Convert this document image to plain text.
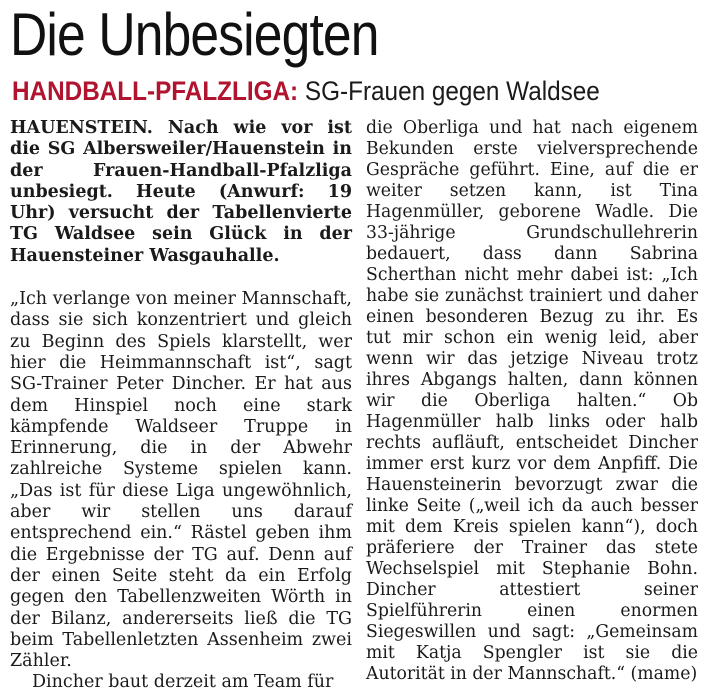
Die Unbesiegten
HANDBALL-PFALZLIGA: SG-Frauen gegen Waldsee

HAUENSTEIN. Nach wie vor ist die SG Albersweiler/Hauenstein in der Frauen-Handball-Pfalzliga unbesiegt. Heute (Anwurf: 19 Uhr) versucht der Tabellenvierte TG Waldsee sein Glück in der Hauensteiner Wasgauhalle.

„Ich verlange von meiner Mannschaft, dass sie sich konzentriert und gleich zu Beginn des Spiels klarstellt, wer hier die Heimmannschaft ist“, sagt SG-Trainer Peter Dincher. Er hat aus dem Hinspiel noch eine stark kämpfende Waldseer Truppe in Erinnerung, die in der Abwehr zahlreiche Systeme spielen kann. „Das ist für diese Liga ungewöhnlich, aber wir stellen uns darauf entsprechend ein.“ Rästel geben ihm die Ergebnisse der TG auf. Denn auf der einen Seite steht da ein Erfolg gegen den Tabellenzweiten Wörth in der Bilanz, andererseits ließ die TG beim Tabellenletzten Assenheim zwei Zähler.

Dincher baut derzeit am Team für

die Oberliga und hat nach eigenem Bekunden erste vielversprechende Gespräche geführt. Eine, auf die er weiter setzen kann, ist Tina Hagenmüller, geborene Wadle. Die 33-jährige Grundschullehrerin bedauert, dass dann Sabrina Scherthan nicht mehr dabei ist: „Ich habe sie zunächst trainiert und daher einen besonderen Bezug zu ihr. Es tut mir schon ein wenig leid, aber wenn wir das jetzige Niveau trotz ihres Abgangs halten, dann können wir die Oberliga halten.“ Ob Hagenmüller halb links oder halb rechts aufläuft, entscheidet Dincher immer erst kurz vor dem Anpfiff. Die Hauensteinerin bevorzugt zwar die linke Seite („weil ich da auch besser mit dem Kreis spielen kann“), doch präferiere der Trainer das stete Wechselspiel mit Stephanie Bohn. Dincher attestiert seiner Spielführerin einen enormen Siegeswillen und sagt: „Gemeinsam mit Katja Spengler ist sie die Autorität in der Mannschaft.“ (mame)
